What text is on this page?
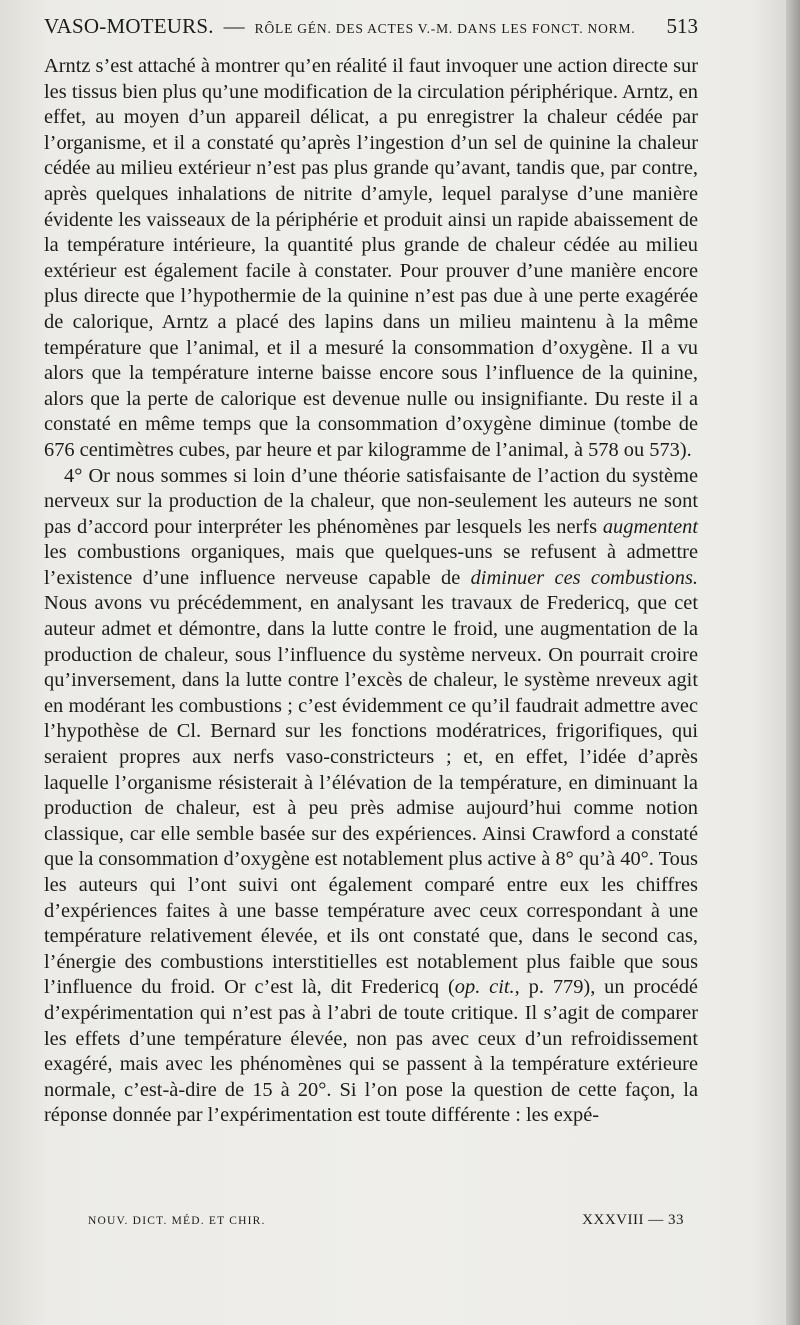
VASO-MOTEURS. — RÔLE GÉN. DES ACTES V.-M. DANS LES FONCT. NORM.	513

Arntz s’est attaché à montrer qu’en réalité il faut invoquer une action directe sur les tissus bien plus qu’une modification de la circulation périphérique. Arntz, en effet, au moyen d’un appareil délicat, a pu enregistrer la chaleur cédée par l’organisme, et il a constaté qu’après l’ingestion d’un sel de quinine la chaleur cédée au milieu extérieur n’est pas plus grande qu’avant, tandis que, par contre, après quelques inhalations de nitrite d’amyle, lequel paralyse d’une manière évidente les vaisseaux de la périphérie et produit ainsi un rapide abaissement de la température intérieure, la quantité plus grande de chaleur cédée au milieu extérieur est également facile à constater. Pour prouver d’une manière encore plus directe que l’hypothermie de la quinine n’est pas due à une perte exagérée de calorique, Arntz a placé des lapins dans un milieu maintenu à la même température que l’animal, et il a mesuré la consommation d’oxygène. Il a vu alors que la température interne baisse encore sous l’influence de la quinine, alors que la perte de calorique est devenue nulle ou insignifiante. Du reste il a constaté en même temps que la consommation d’oxygène diminue (tombe de 676 centimètres cubes, par heure et par kilogramme de l’animal, à 578 ou 573).

4° Or nous sommes si loin d’une théorie satisfaisante de l’action du système nerveux sur la production de la chaleur, que non-seulement les auteurs ne sont pas d’accord pour interpréter les phénomènes par lesquels les nerfs augmentent les combustions organiques, mais que quelques-uns se refusent à admettre l’existence d’une influence nerveuse capable de diminuer ces combustions. Nous avons vu précédemment, en analysant les travaux de Fredericq, que cet auteur admet et démontre, dans la lutte contre le froid, une augmentation de la production de chaleur, sous l’influence du système nerveux. On pourrait croire qu’inversement, dans la lutte contre l’excès de chaleur, le système nreveux agit en modérant les combustions ; c’est évidemment ce qu’il faudrait admettre avec l’hypothèse de Cl. Bernard sur les fonctions modératrices, frigorifiques, qui seraient propres aux nerfs vaso-constricteurs ; et, en effet, l’idée d’après laquelle l’organisme résisterait à l’élévation de la température, en diminuant la production de chaleur, est à peu près admise aujourd’hui comme notion classique, car elle semble basée sur des expériences. Ainsi Crawford a constaté que la consommation d’oxygène est notablement plus active à 8° qu’à 40°. Tous les auteurs qui l’ont suivi ont également comparé entre eux les chiffres d’expériences faites à une basse température avec ceux correspondant à une température relativement élevée, et ils ont constaté que, dans le second cas, l’énergie des combustions interstitielles est notablement plus faible que sous l’influence du froid. Or c’est là, dit Fredericq (op. cit., p. 779), un procédé d’expérimentation qui n’est pas à l’abri de toute critique. Il s’agit de comparer les effets d’une température élevée, non pas avec ceux d’un refroidissement exagéré, mais avec les phénomènes qui se passent à la température extérieure normale, c’est-à-dire de 15 à 20°. Si l’on pose la question de cette façon, la réponse donnée par l’expérimentation est toute différente : les expé-

NOUV. DICT. MÉD. ET CHIR.	XXXVIII — 33
